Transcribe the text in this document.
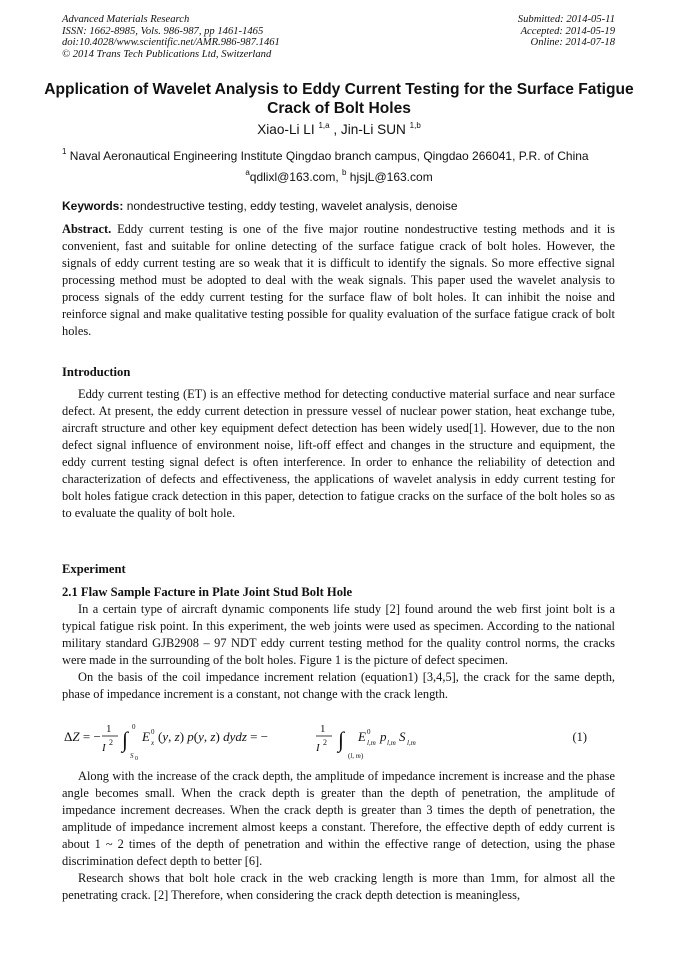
Advanced Materials Research
ISSN: 1662-8985, Vols. 986-987, pp 1461-1465
doi:10.4028/www.scientific.net/AMR.986-987.1461
© 2014 Trans Tech Publications Ltd, Switzerland
Submitted: 2014-05-11
Accepted: 2014-05-19
Online: 2014-07-18
Application of Wavelet Analysis to Eddy Current Testing for the Surface Fatigue Crack of Bolt Holes
Xiao-Li LI $^{1,a}$ , Jin-Li SUN $^{1,b}$
$^1$ Naval Aeronautical Engineering Institute Qingdao branch campus, Qingdao 266041, P.R. of China
$^a$qdlixl@163.com, $^b$ hjsjL@163.com
Keywords: nondestructive testing, eddy testing, wavelet analysis, denoise

Abstract. Eddy current testing is one of the five major routine nondestructive testing methods and it is convenient, fast and suitable for online detecting of the surface fatigue crack of bolt holes. However, the signals of eddy current testing are so weak that it is difficult to identify the signals. So more effective signal processing method must be adopted to deal with the weak signals. This paper used the wavelet analysis to process signals of the eddy current testing for the surface flaw of bolt holes. It can inhibit the noise and reinforce signal and make qualitative testing possible for quality evaluation of the surface fatigue crack of bolt holes.

Introduction

Eddy current testing (ET) is an effective method for detecting conductive material surface and near surface defect. At present, the eddy current detection in pressure vessel of nuclear power station, heat exchange tube, aircraft structure and other key equipment defect detection has been widely used[1]. However, due to the non defect signal influence of environment noise, lift-off effect and changes in the structure and equipment, the eddy current testing signal defect is often interference. In order to enhance the reliability of detection and characterization of defects and effectiveness, the applications of wavelet analysis in eddy current testing for bolt holes fatigue crack detection in this paper, detection to fatigue cracks on the surface of the bolt holes so as to evaluate the quality of bolt hole.

Experiment
2.1 Flaw Sample Facture in Plate Joint Stud Bolt Hole

In a certain type of aircraft dynamic components life study [2] found around the web first joint bolt is a typical fatigue risk point. In this experiment, the web joints were used as specimen. According to the national military standard GJB2908 – 97 NDT eddy current testing method for the quality control norms, the cracks were made in the surrounding of the bolt holes. Figure 1 is the picture of defect specimen.

On the basis of the coil impedance increment relation (equation1) [3,4,5], the crack for the same depth, phase of impedance increment is a constant, not change with the crack length.

ΔZ = − 1
I 2 ∫ 0
S 0
E x
0 (y, z) p(y, z) dydz = −	1
I 2 ∫
(l, m)
E 0
l,m p l,m S l,m	(1)

Along with the increase of the crack depth, the amplitude of impedance increment is increase and the phase angle becomes small. When the crack depth is greater than the depth of penetration, the amplitude of impedance increment decreases. When the crack depth is greater than 3 times the depth of penetration, the amplitude of impedance increment almost keeps a constant. Therefore, the effective depth of eddy current is about 1 ~ 2 times of the depth of penetration and within the effective range of detection, using the phase discrimination defect depth to better [6].

Research shows that bolt hole crack in the web cracking length is more than 1mm, for almost all the penetrating crack. [2] Therefore, when considering the crack depth detection is meaningless,
